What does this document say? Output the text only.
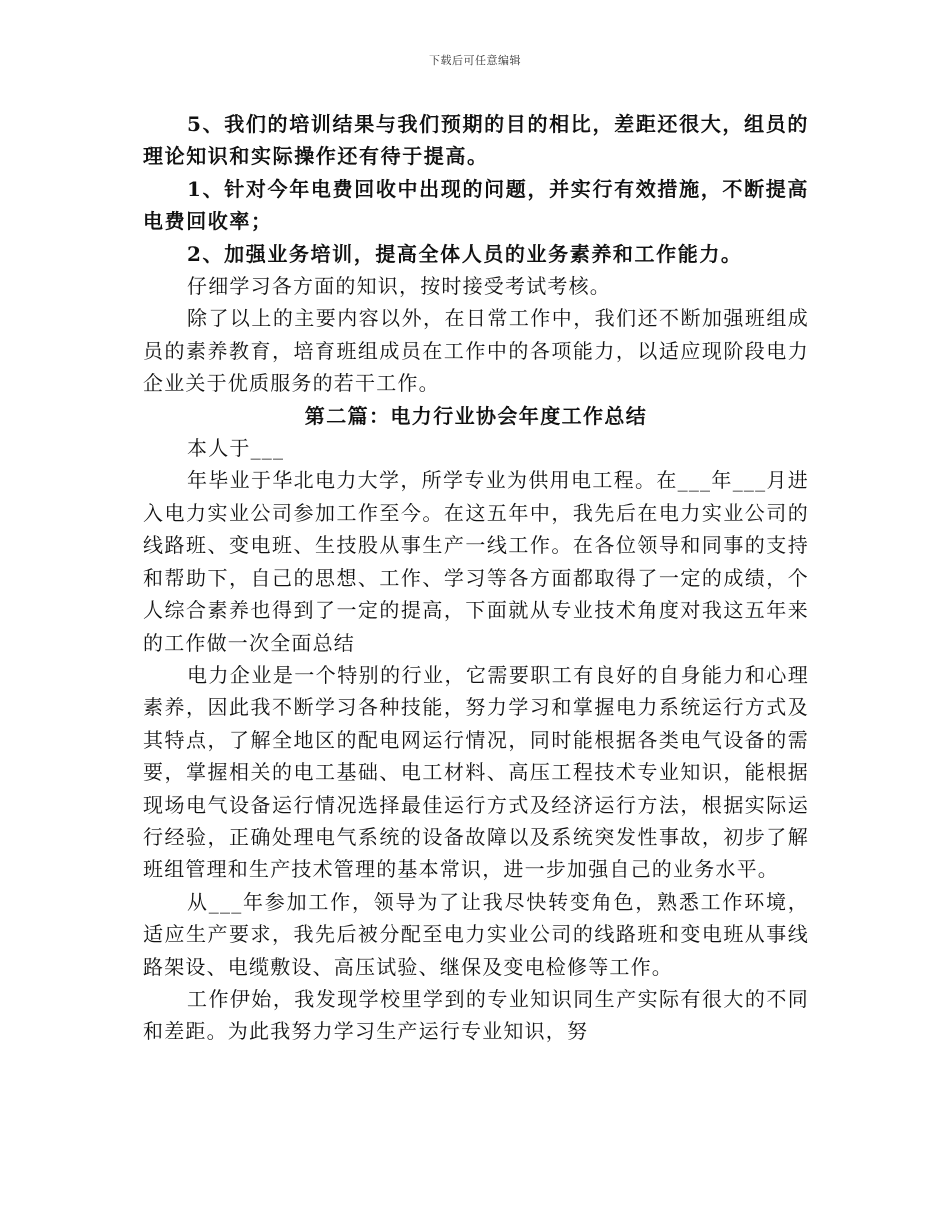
下载后可任意编辑

5、我们的培训结果与我们预期的目的相比，差距还很大，组员的理论知识和实际操作还有待于提高。

1、针对今年电费回收中出现的问题，并实行有效措施，不断提高电费回收率；

2、加强业务培训，提高全体人员的业务素养和工作能力。

仔细学习各方面的知识，按时接受考试考核。

除了以上的主要内容以外，在日常工作中，我们还不断加强班组成员的素养教育，培育班组成员在工作中的各项能力，以适应现阶段电力企业关于优质服务的若干工作。

第二篇：电力行业协会年度工作总结

本人于___

年毕业于华北电力大学，所学专业为供用电工程。在___年___月进入电力实业公司参加工作至今。在这五年中，我先后在电力实业公司的线路班、变电班、生技股从事生产一线工作。在各位领导和同事的支持和帮助下，自己的思想、工作、学习等各方面都取得了一定的成绩，个人综合素养也得到了一定的提高，下面就从专业技术角度对我这五年来的工作做一次全面总结

电力企业是一个特别的行业，它需要职工有良好的自身能力和心理素养，因此我不断学习各种技能，努力学习和掌握电力系统运行方式及其特点，了解全地区的配电网运行情况，同时能根据各类电气设备的需要，掌握相关的电工基础、电工材料、高压工程技术专业知识，能根据现场电气设备运行情况选择最佳运行方式及经济运行方法，根据实际运行经验，正确处理电气系统的设备故障以及系统突发性事故，初步了解班组管理和生产技术管理的基本常识，进一步加强自己的业务水平。

从___年参加工作，领导为了让我尽快转变角色，熟悉工作环境，适应生产要求，我先后被分配至电力实业公司的线路班和变电班从事线路架设、电缆敷设、高压试验、继保及变电检修等工作。

工作伊始，我发现学校里学到的专业知识同生产实际有很大的不同和差距。为此我努力学习生产运行专业知识，努
